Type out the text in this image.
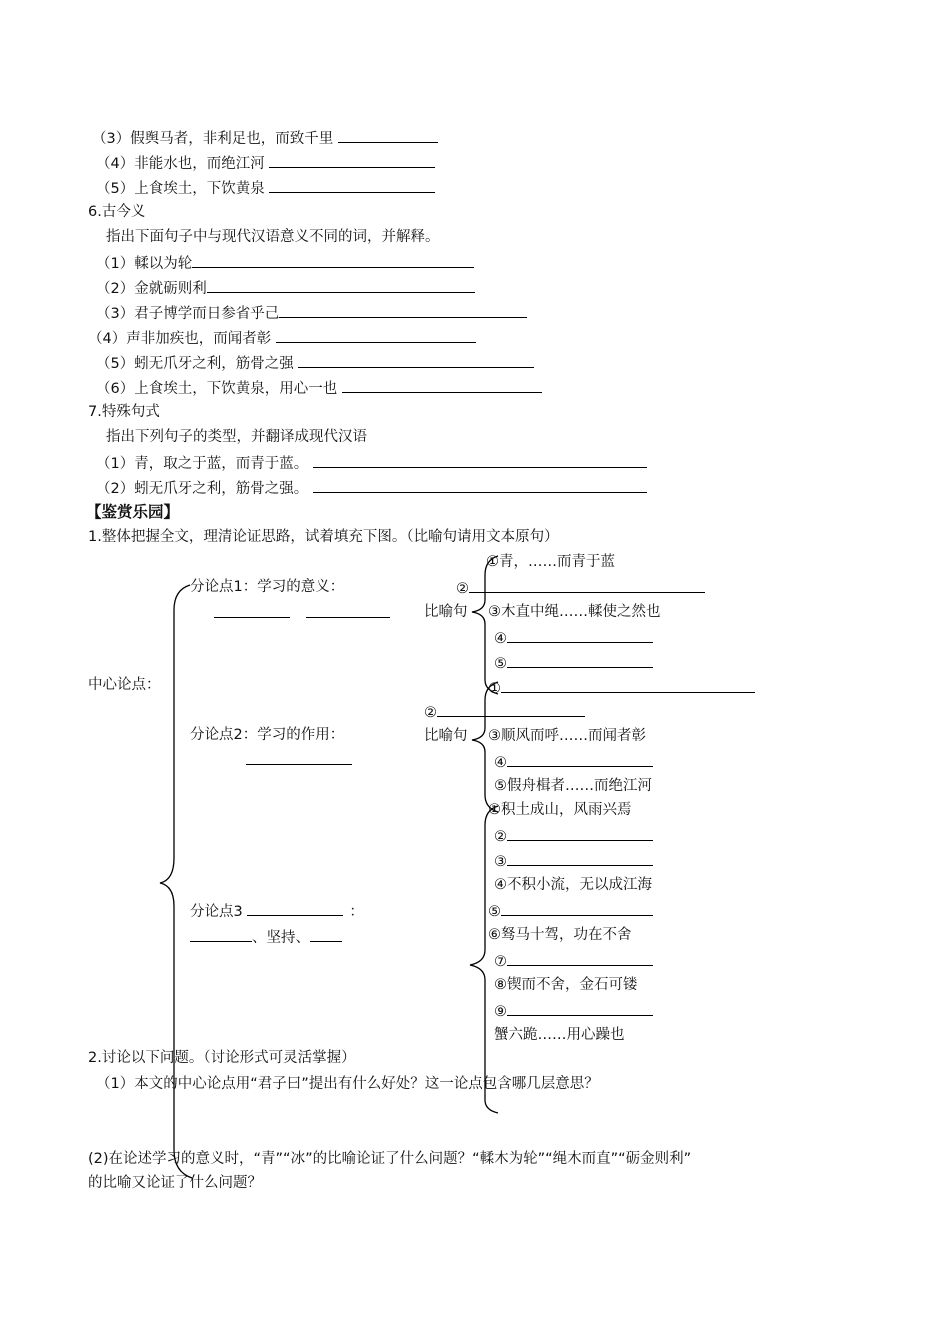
（3）假舆马者，非利足也，而致千里
（4）非能水也，而绝江河
（5）上食埃土，下饮黄泉
6.古今义
指出下面句子中与现代汉语意义不同的词，并解释。
（1）輮以为轮
（2）金就砺则利
（3）君子博学而日参省乎己
（4）声非加疾也，而闻者彰
（5）蚓无爪牙之利，筋骨之强
（6）上食埃土，下饮黄泉，用心一也
7.特殊句式
指出下列句子的类型，并翻译成现代汉语
（1）青，取之于蓝，而青于蓝。
（2）蚓无爪牙之利，筋骨之强。
【鉴赏乐园】
1.整体把握全文，理清论证思路，试着填充下图。（比喻句请用文本原句）
中心论点：
分论点1：学习的意义：
分论点2：学习的作用：
分论点3	：
、坚持、
比喻句
①青，……而青于蓝
②
③木直中绳……輮使之然也
④
⑤
①
②
比喻句 ③顺风而呼……而闻者彰
④
⑤假舟楫者……而绝江河
①积土成山，风雨兴焉
②
③
④不积小流，无以成江海
⑤
⑥驽马十驾，功在不舍
⑦
⑧锲而不舍，金石可镂
⑨
蟹六跪……用心躁也
2.讨论以下问题。（讨论形式可灵活掌握）
（1）本文的中心论点用“君子曰”提出有什么好处？这一论点包含哪几层意思？
(2)在论述学习的意义时，“青”“冰”的比喻论证了什么问题？“輮木为轮”“绳木而直”“砺金则利”
的比喻又论证了什么问题？
